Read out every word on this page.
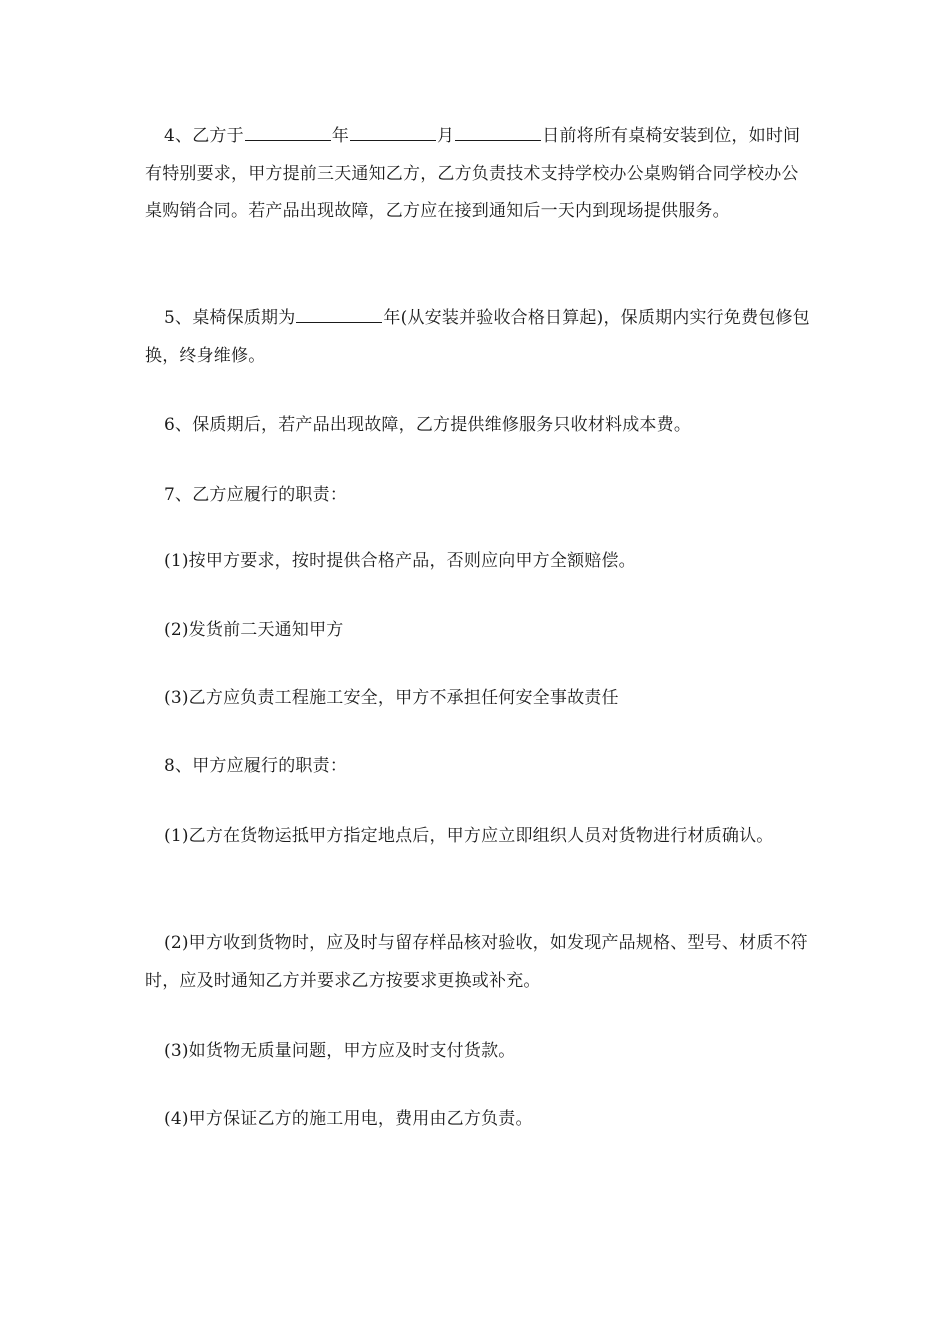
4、乙方于	年	月	日前将所有桌椅安装到位，如时间有特别要求，甲方提前三天通知乙方，乙方负责技术支持学校办公桌购销合同学校办公桌购销合同。若产品出现故障，乙方应在接到通知后一天内到现场提供服务。
5、桌椅保质期为	年(从安装并验收合格日算起)，保质期内实行免费包修包换，终身维修。
6、保质期后，若产品出现故障，乙方提供维修服务只收材料成本费。
7、乙方应履行的职责：
(1)按甲方要求，按时提供合格产品，否则应向甲方全额赔偿。
(2)发货前二天通知甲方
(3)乙方应负责工程施工安全，甲方不承担任何安全事故责任
8、甲方应履行的职责：
(1)乙方在货物运抵甲方指定地点后，甲方应立即组织人员对货物进行材质确认。
(2)甲方收到货物时，应及时与留存样品核对验收，如发现产品规格、型号、材质不符时，应及时通知乙方并要求乙方按要求更换或补充。
(3)如货物无质量问题，甲方应及时支付货款。
(4)甲方保证乙方的施工用电，费用由乙方负责。
